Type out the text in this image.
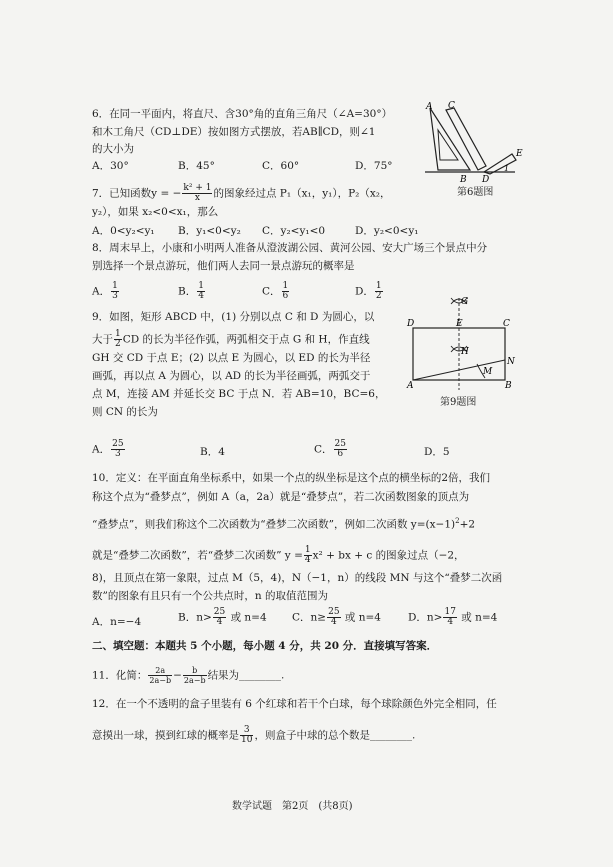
6．在同一平面内，将直尺、含30°角的直角三角尺（∠A=30°）
和木工角尺（CD⊥DE）按如图方式摆放，若AB∥CD，则∠1
的大小为
A．30°	B．45°	C．60°	D．75°
A C
B D
E
1
第6题图
7．已知函数y = − $\frac{\text{k² + 1}}{x}$ 的图象经过点 P₁（x₁，y₁），P₂（x₂，
y₂），如果 x₂<0<x₁，那么
A．0<y₂<y₁ B．y₁<0<y₂ C．y₂<y₁<0	D．y₂<0<y₁
8．周末早上，小康和小明两人准备从澄波湖公园、黄河公园、安大广场三个景点中分
别选择一个景点游玩，他们两人去同一景点游玩的概率是
A． $\frac{1}{3}$	B． $\frac{1}{4}$	C． $\frac{1}{6}$	D． $\frac{1}{2}$
9．如图，矩形 ABCD 中，(1) 分别以点 C 和 D 为圆心，以
大于 $\frac{1}{2}$ CD 的长为半径作弧，两弧相交于点 G 和 H，作直线
GH 交 CD 于点 E；(2) 以点 E 为圆心，以 ED 的长为半径
画弧，再以点 A 为圆心，以 AD 的长为半径画弧，两弧交于
点 M，连接 AM 并延长交 BC 于点 N．若 AB=10，BC=6，
则 CN 的长为
G
D	E	C
H
N
M
A	B
第9题图
A． $\frac{25}{3}$	B．4	C． $\frac{25}{6}$	D．5
10．定义：在平面直角坐标系中，如果一个点的纵坐标是这个点的横坐标的2倍，我们
称这个点为“叠梦点”，例如 A（a，2a）就是“叠梦点”，若二次函数图象的顶点为
“叠梦点”，则我们称这个二次函数为“叠梦二次函数”，例如二次函数 $y=(x-1)^2+2$
就是“叠梦二次函数”，若“叠梦二次函数” $y = \frac{1}{4} x^2$ + bx + c 的图象过点（−2，
8)，且顶点在第一象限，过点 M（5，4)，N（−1，n）的线段 MN 与这个“叠梦二次函
数”的图象有且只有一个公共点时，n 的取值范围为
A．n=−4	B．$n> \frac{25}{4}$ 或 n=4 C．$n\ge \frac{25}{4}$ 或 n=4	D．$n> \frac{17}{4}$ 或 n=4
二、填空题：本题共 5 个小题，每小题 4 分，共 20 分．直接填写答案．
11．化简： $\frac{2a}{2a-b} - \frac{b}{2a-b}$ 结果为________.
12．在一个不透明的盒子里装有 6 个红球和若干个白球，每个球除颜色外完全相同，任
意摸出一球，摸到红球的概率是 $\frac{3}{10}$ ，则盒子中球的总个数是________.
数学试题　第2页　(共8页)
